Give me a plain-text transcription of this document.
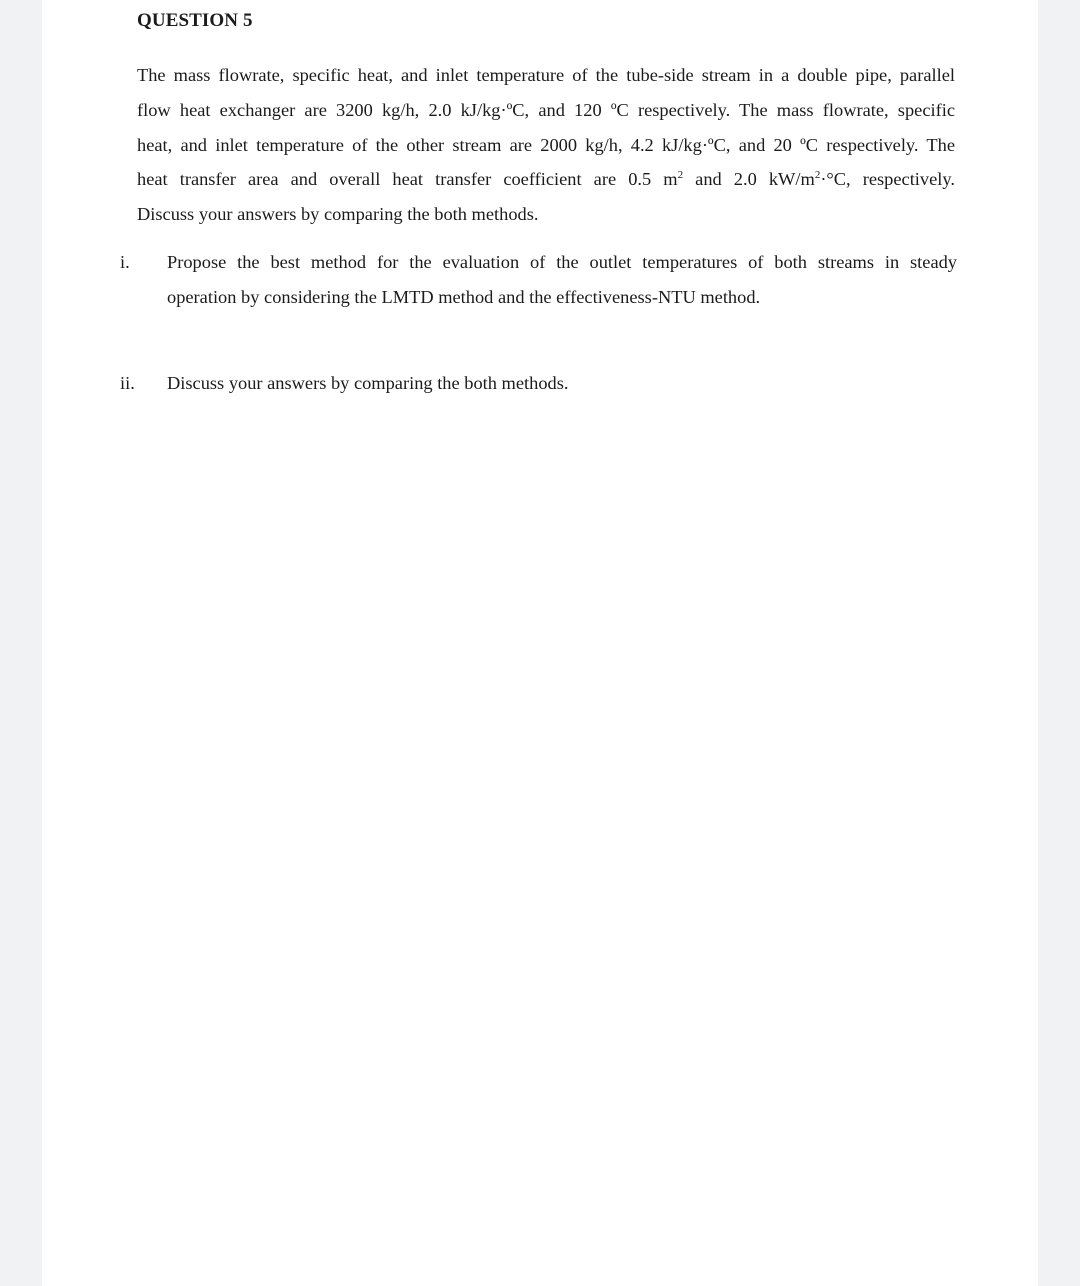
QUESTION 5
The mass flowrate, specific heat, and inlet temperature of the tube-side stream in a double pipe, parallel
flow heat exchanger are 3200 kg/h, 2.0 kJ/kg·ºC, and 120 ºC respectively. The mass flowrate, specific
heat, and inlet temperature of the other stream are 2000 kg/h, 4.2 kJ/kg·ºC, and 20 ºC respectively. The
heat transfer area and overall heat transfer coefficient are 0.5 $m^2$ and 2.0 $kW/m^2\cdot^\circ C$, respectively.
Discuss your answers by comparing the both methods.
i. Propose the best method for the evaluation of the outlet temperatures of both streams in steady
operation by considering the LMTD method and the effectiveness-NTU method.
ii. Discuss your answers by comparing the both methods.
